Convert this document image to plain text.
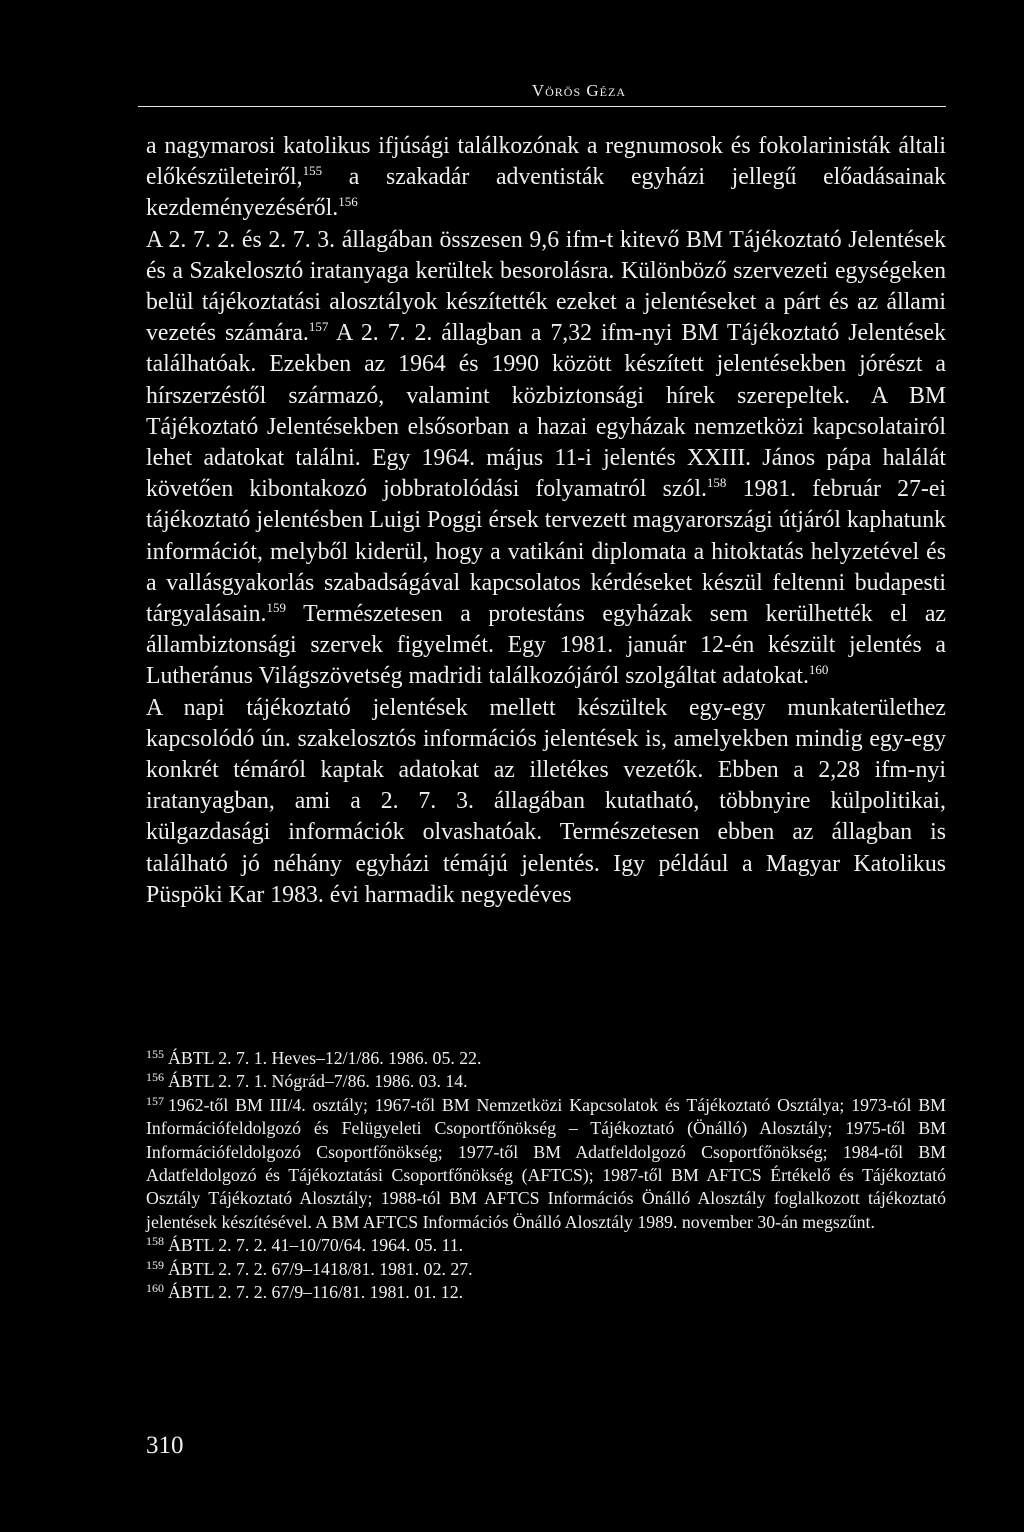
Vörös Géza

a nagymarosi katolikus ifjúsági találkozónak a regnumosok és fokolarinisták általi előkészületeiről,$^{155}$ a szakadár adventisták egyházi jellegű előadásainak kezdeményezéséről.$^{156}$

A 2. 7. 2. és 2. 7. 3. állagában összesen 9,6 ifm-t kitevő BM Tájékoztató Jelentések és a Szakelosztó iratanyaga kerültek besorolásra. Különböző szervezeti egységeken belül tájékoztatási alosztályok készítették ezeket a jelentéseket a párt és az állami vezetés számára.$^{157}$ A 2. 7. 2. állagban a 7,32 ifm-nyi BM Tájékoztató Jelentések találhatóak. Ezekben az 1964 és 1990 között készített jelentésekben jórészt a hírszerzéstől származó, valamint közbiztonsági hírek szerepeltek. A BM Tájékoztató Jelentésekben elsősorban a hazai egyházak nemzetközi kapcsolatairól lehet adatokat találni. Egy 1964. május 11-i jelentés XXIII. János pápa halálát követően kibontakozó jobbratolódási folyamatról szól.$^{158}$ 1981. február 27-ei tájékoztató jelentésben Luigi Poggi érsek tervezett magyarországi útjáról kaphatunk információt, melyből kiderül, hogy a vatikáni diplomata a hitoktatás helyzetével és a vallásgyakorlás szabadságával kapcsolatos kérdéseket készül feltenni budapesti tárgyalásain.$^{159}$ Természetesen a protestáns egyházak sem kerülhették el az állambiztonsági szervek figyelmét. Egy 1981. január 12-én készült jelentés a Lutheránus Világszövetség madridi találkozójáról szolgáltat adatokat.$^{160}$

A napi tájékoztató jelentések mellett készültek egy-egy munkaterülethez kapcsolódó ún. szakelosztós információs jelentések is, amelyekben mindig egy-egy konkrét témáról kaptak adatokat az illetékes vezetők. Ebben a 2,28 ifm-nyi iratanyagban, ami a 2. 7. 3. állagában kutatható, többnyire külpolitikai, külgazdasági információk olvashatóak. Természetesen ebben az állagban is található jó néhány egyházi témájú jelentés. Igy például a Magyar Katolikus Püspöki Kar 1983. évi harmadik negyedéves

$^{155}$ ÁBTL 2. 7. 1. Heves–12/1/86. 1986. 05. 22.

$^{156}$ ÁBTL 2. 7. 1. Nógrád–7/86. 1986. 03. 14.

$^{157}$ 1962-től BM III/4. osztály; 1967-től BM Nemzetközi Kapcsolatok és Tájékoztató Osztálya; 1973-tól BM Információfeldolgozó és Felügyeleti Csoportfőnökség – Tájékoztató (Önálló) Alosztály; 1975-től BM Információfeldolgozó Csoportfőnökség; 1977-től BM Adatfeldolgozó Csoportfőnökség; 1984-től BM Adatfeldolgozó és Tájékoztatási Csoportfőnökség (AFTCS); 1987-től BM AFTCS Értékelő és Tájékoztató Osztály Tájékoztató Alosztály; 1988-tól BM AFTCS Információs Önálló Alosztály foglalkozott tájékoztató jelentések készítésével. A BM AFTCS Információs Önálló Alosztály 1989. november 30-án megszűnt.

$^{158}$ ÁBTL 2. 7. 2. 41–10/70/64. 1964. 05. 11.

$^{159}$ ÁBTL 2. 7. 2. 67/9–1418/81. 1981. 02. 27.

$^{160}$ ÁBTL 2. 7. 2. 67/9–116/81. 1981. 01. 12.

310
